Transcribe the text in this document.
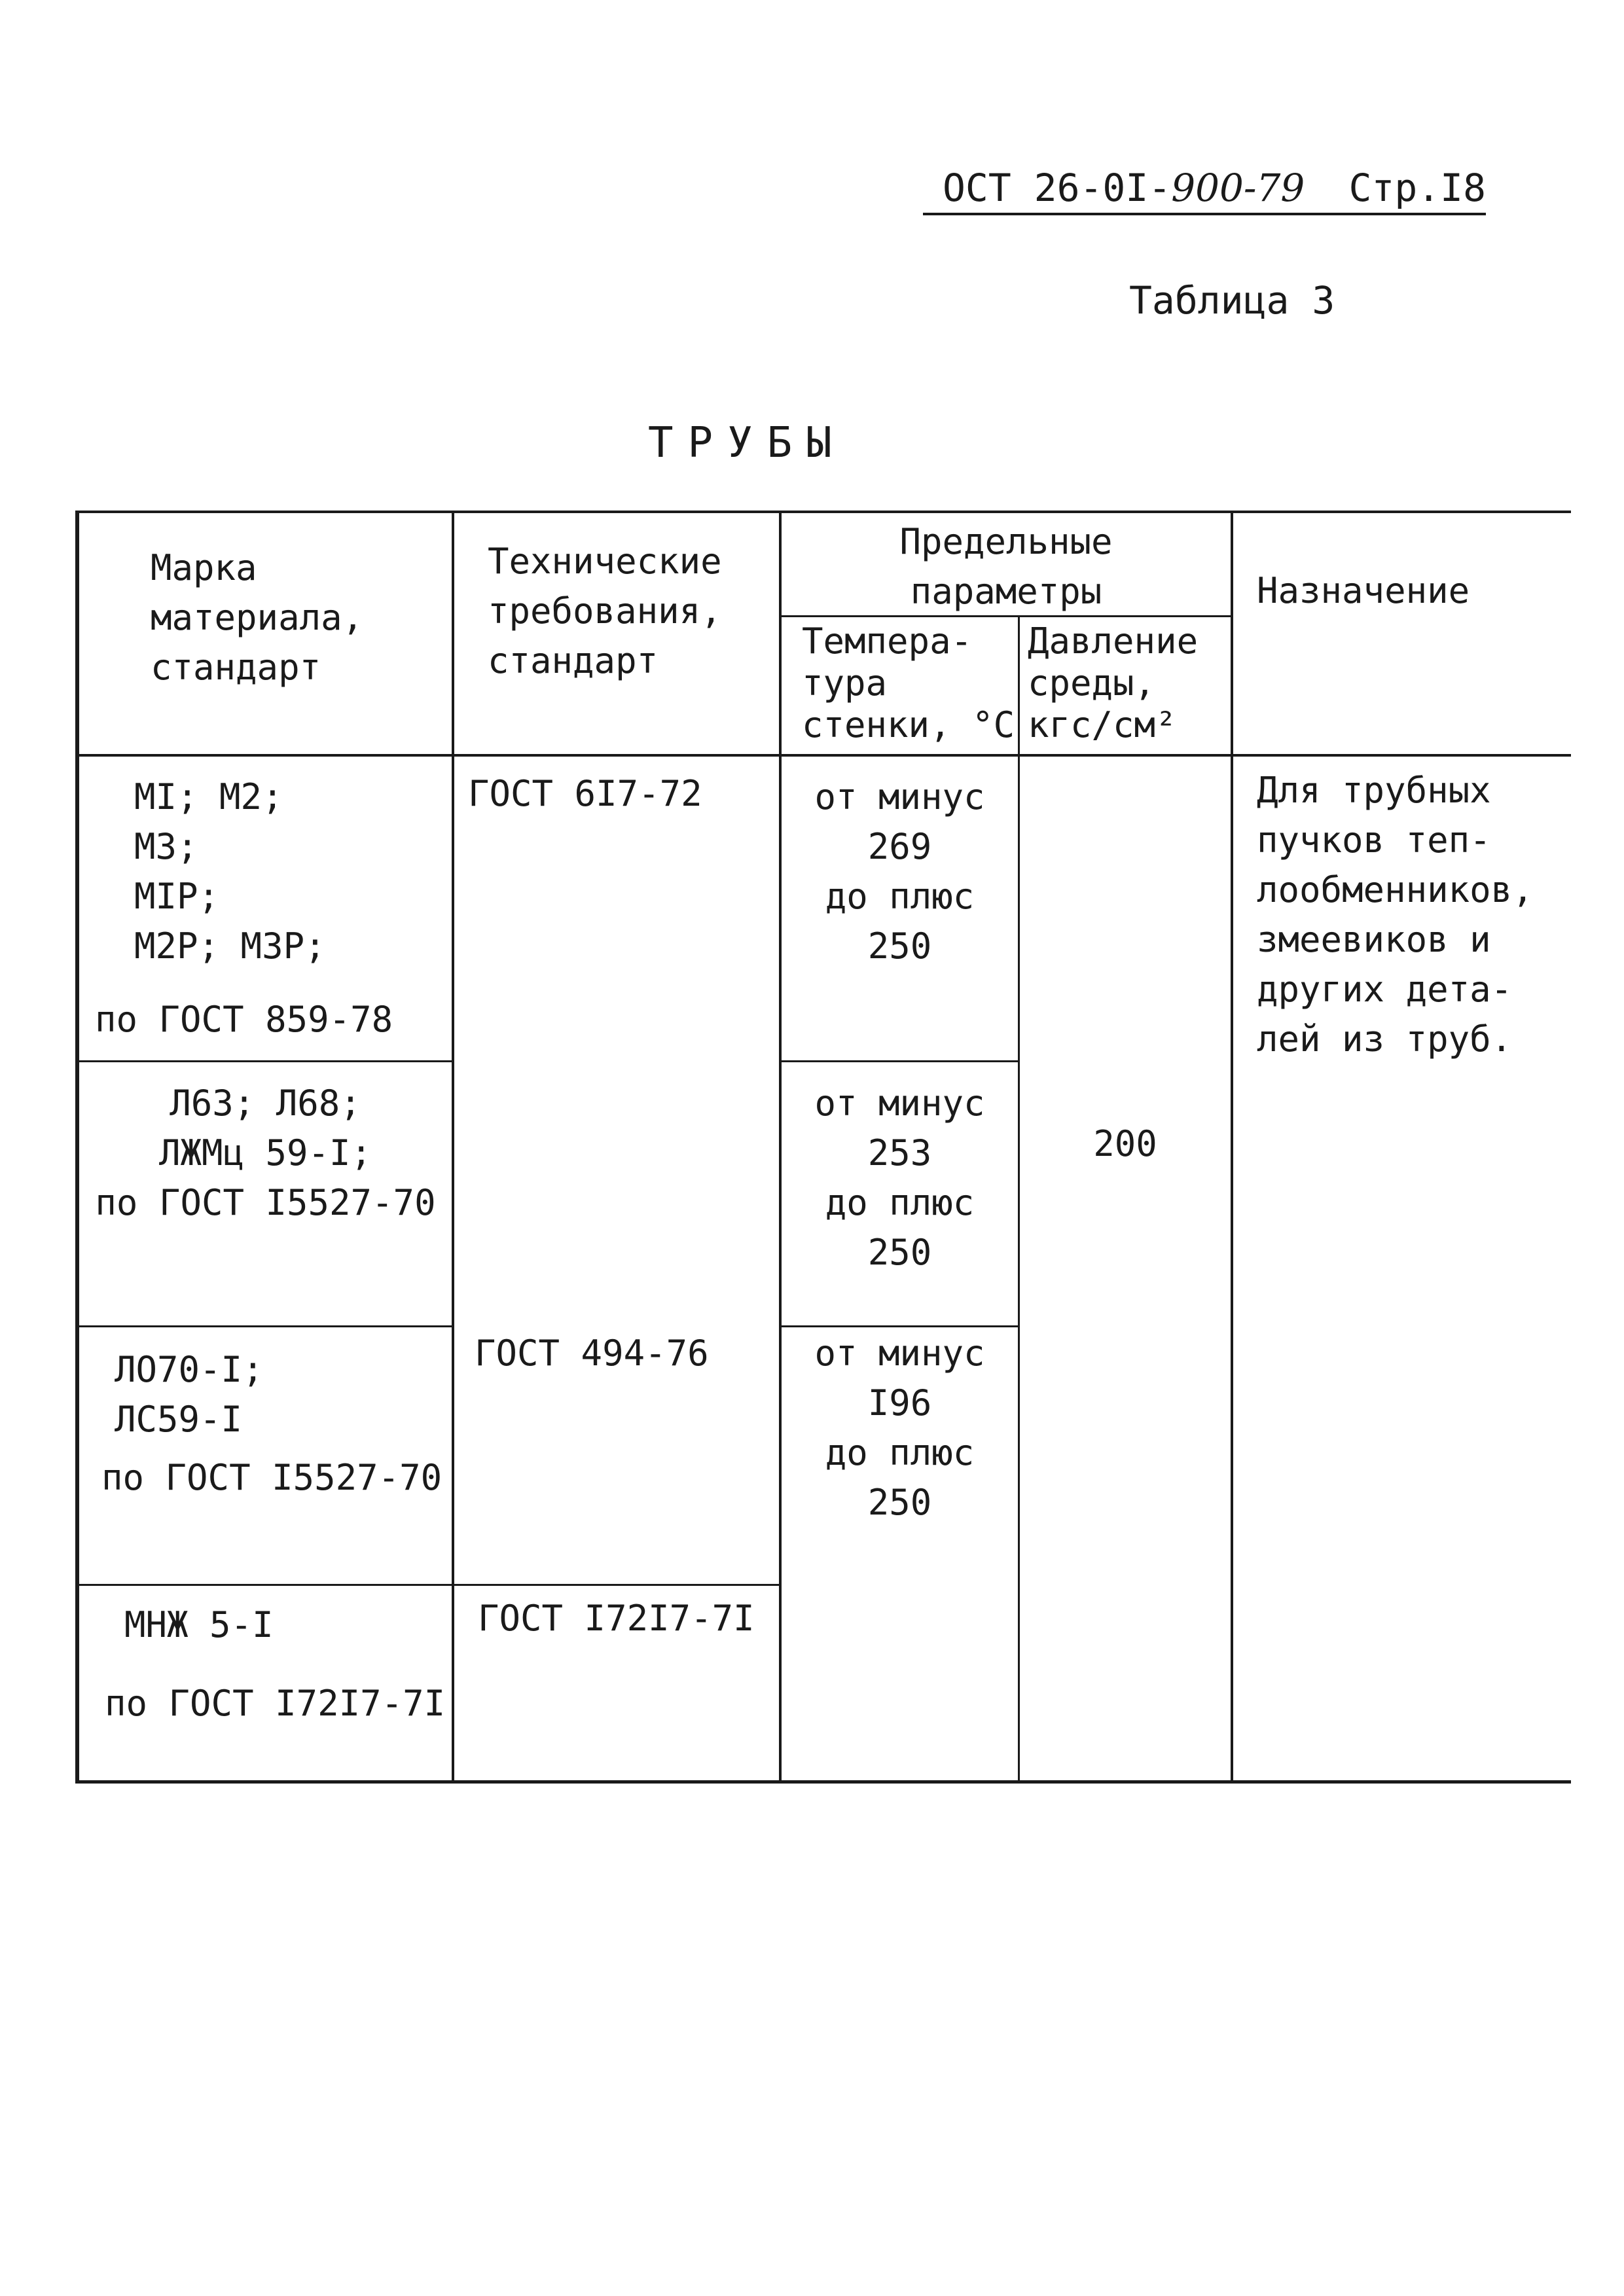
ОСТ 26-0I-900-79 Стр.I8
Таблица 3
ТРУБЫ
Марка
материала,
стандарт
Технические
требования,
стандарт
Предельные
параметры
Темпера-
тура
стенки, °С
Давление
среды,
кгс/см²
Назначение
MI; M2;
M3;
MIP;
M2P; M3P;
по ГОСТ 859-78
ГОСТ 6I7-72	от минус
269
до плюс
250
Л63; Л68;
ЛЖМц 59-I;
по ГОСТ I5527-70
от минус
253
до плюс
250
ЛО70-I;
ЛС59-I
по ГОСТ I5527-70
ГОСТ 494-76	от минус
I96
до плюс
250
МНЖ 5-I
по ГОСТ I72I7-7I
ГОСТ I72I7-7I
200
Для трубных
пучков теп-
лообменников,
змеевиков и
других дета-
лей из труб.
